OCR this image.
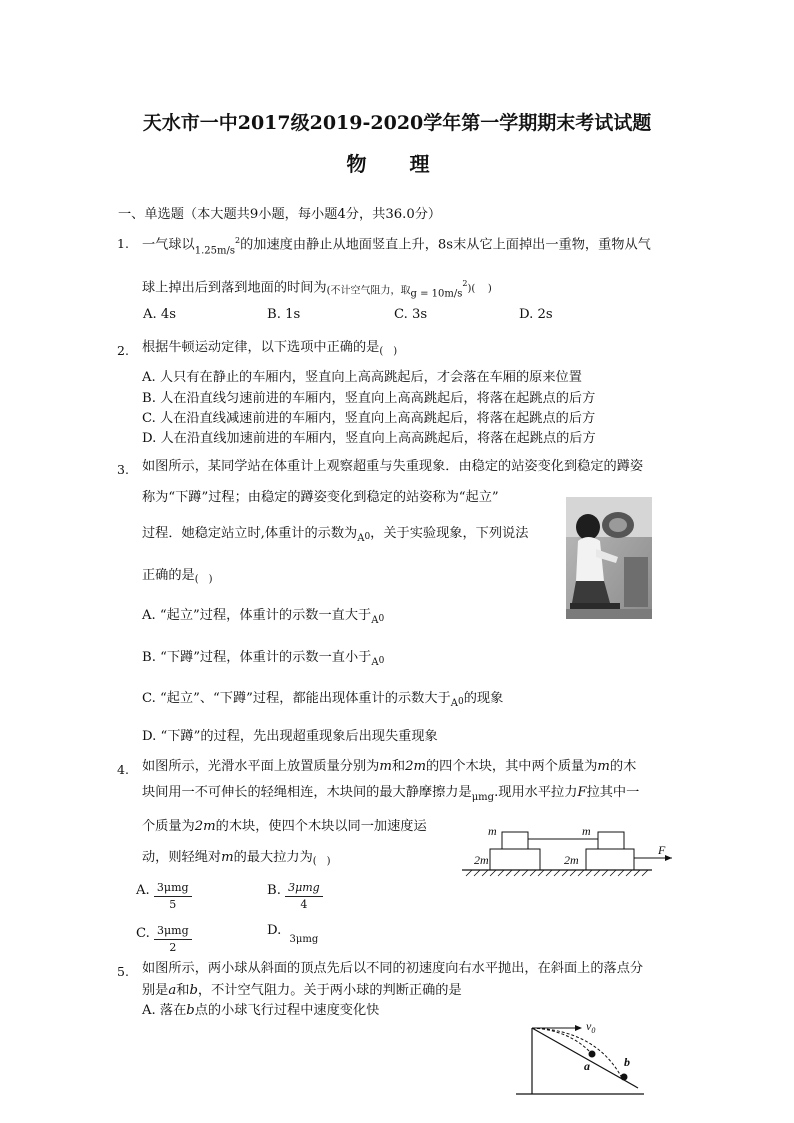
天水市一中2017级2019-2020学年第一学期期末考试试题
物 理
一、单选题（本大题共9小题，每小题4分，共36.0分）
1. 一气球以$_{1.25m/s}^2$的加速度由静止从地面竖直上升，8s末从它上面掉出一重物，重物从气
球上掉出后到落到地面的时间为(不计空气阻力，取$_{g = 10m/s}^2$)( )
A. 4s	B. 1s	C. 3s	D. 2s
2. 根据牛顿运动定律，以下选项中正确的是$_{( )}$
A. 人只有在静止的车厢内，竖直向上高高跳起后，才会落在车厢的原来位置
B. 人在沿直线匀速前进的车厢内，竖直向上高高跳起后，将落在起跳点的后方
C. 人在沿直线减速前进的车厢内，竖直向上高高跳起后，将落在起跳点的后方
D. 人在沿直线加速前进的车厢内，竖直向上高高跳起后，将落在起跳点的后方
3. 如图所示，某同学站在体重计上观察超重与失重现象．由稳定的站姿变化到稳定的蹲姿
称为“下蹲”过程；由稳定的蹲姿变化到稳定的站姿称为“起立”
过程．她稳定站立时,体重计的示数为$_{A0}$，关于实验现象，下列说法
正确的是$_{( )}$
A. “起立”过程，体重计的示数一直大于$_{A0}$
B. “下蹲”过程，体重计的示数一直小于$_{A0}$
C. “起立”、“下蹲”过程，都能出现体重计的示数大于$_{A0}$的现象
D. “下蹲”的过程，先出现超重现象后出现失重现象
4. 如图所示，光滑水平面上放置质量分别为m和2m的四个木块，其中两个质量为m的木
块间用一不可伸长的轻绳相连，木块间的最大静摩擦力是$_{\mu mg}$.现用水平拉力F拉其中一
个质量为2m的木块，使四个木块以同一加速度运
动，则轻绳对m的最大拉力为$_{( )}$
A. $\frac{\text{3μmg}}{5}$	B. $\frac{\text{3μmg}}{4}$
C. $\frac{\text{3μmg}}{2}$	D. $_{3\mu mg}$
m	m
2m	2m
F
5. 如图所示，两小球从斜面的顶点先后以不同的初速度向右水平抛出，在斜面上的落点分
别是a和b，不计空气阻力。关于两小球的判断正确的是
A. 落在b点的小球飞行过程中速度变化快
$v_0$
a	b
